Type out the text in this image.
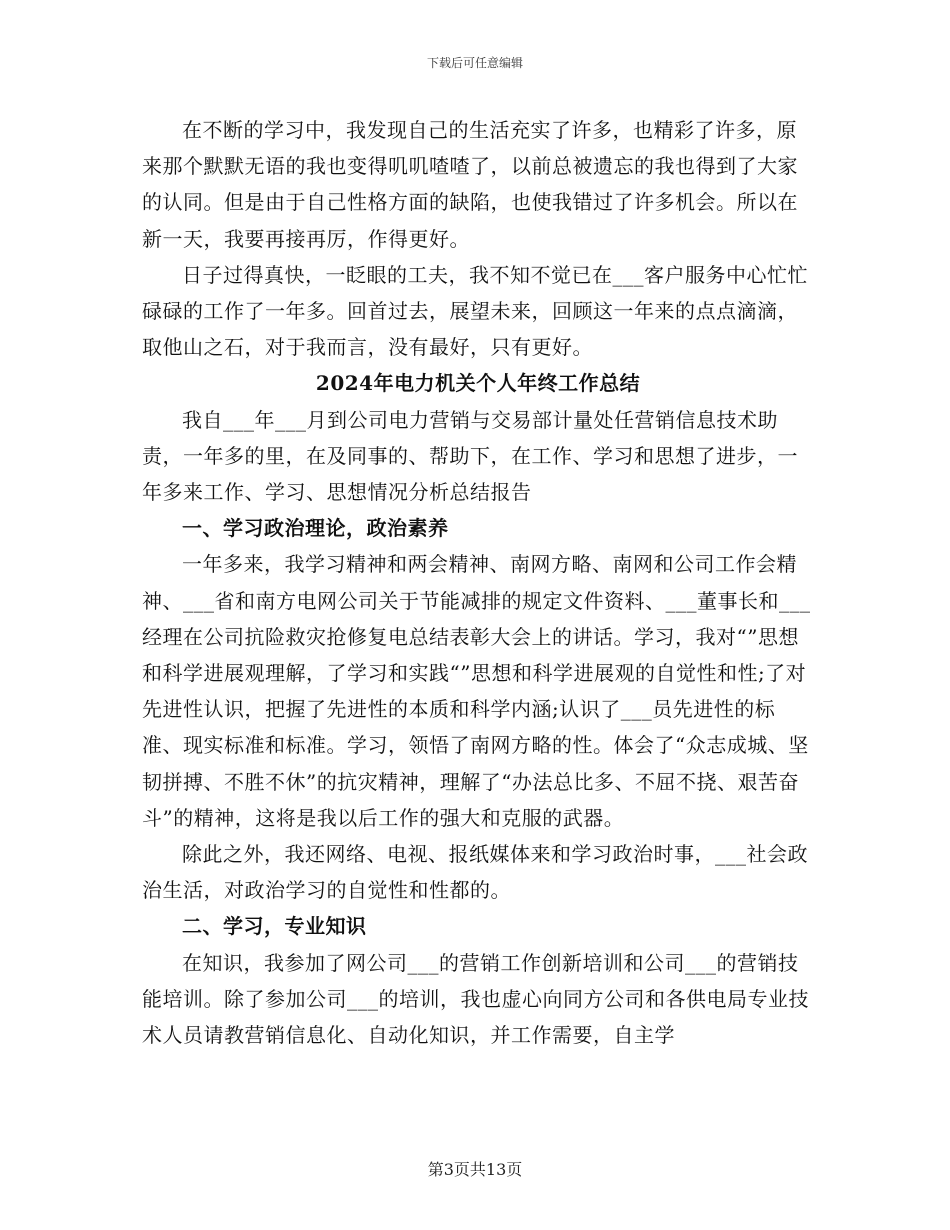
下载后可任意编辑

在不断的学习中，我发现自己的生活充实了许多，也精彩了许多，原来那个默默无语的我也变得叽叽喳喳了，以前总被遗忘的我也得到了大家的认同。但是由于自己性格方面的缺陷，也使我错过了许多机会。所以在新一天，我要再接再厉，作得更好。

日子过得真快，一眨眼的工夫，我不知不觉已在___客户服务中心忙忙碌碌的工作了一年多。回首过去，展望未来，回顾这一年来的点点滴滴，取他山之石，对于我而言，没有最好，只有更好。

2024年电力机关个人年终工作总结

我自___年___月到公司电力营销与交易部计量处任营销信息技术助责，一年多的里，在及同事的、帮助下，在工作、学习和思想了进步，一年多来工作、学习、思想情况分析总结报告

一、学习政治理论，政治素养

一年多来，我学习精神和两会精神、南网方略、南网和公司工作会精神、___省和南方电网公司关于节能减排的规定文件资料、___董事长和___经理在公司抗险救灾抢修复电总结表彰大会上的讲话。学习，我对“”思想和科学进展观理解，了学习和实践“”思想和科学进展观的自觉性和性;了对先进性认识，把握了先进性的本质和科学内涵;认识了___员先进性的标准、现实标准和标准。学习，领悟了南网方略的性。体会了“众志成城、坚韧拼搏、不胜不休”的抗灾精神，理解了“办法总比多、不屈不挠、艰苦奋斗”的精神，这将是我以后工作的强大和克服的武器。

除此之外，我还网络、电视、报纸媒体来和学习政治时事，___社会政治生活，对政治学习的自觉性和性都的。

二、学习，专业知识

在知识，我参加了网公司___的营销工作创新培训和公司___的营销技能培训。除了参加公司___的培训，我也虚心向同方公司和各供电局专业技术人员请教营销信息化、自动化知识，并工作需要，自主学

第3页共13页
